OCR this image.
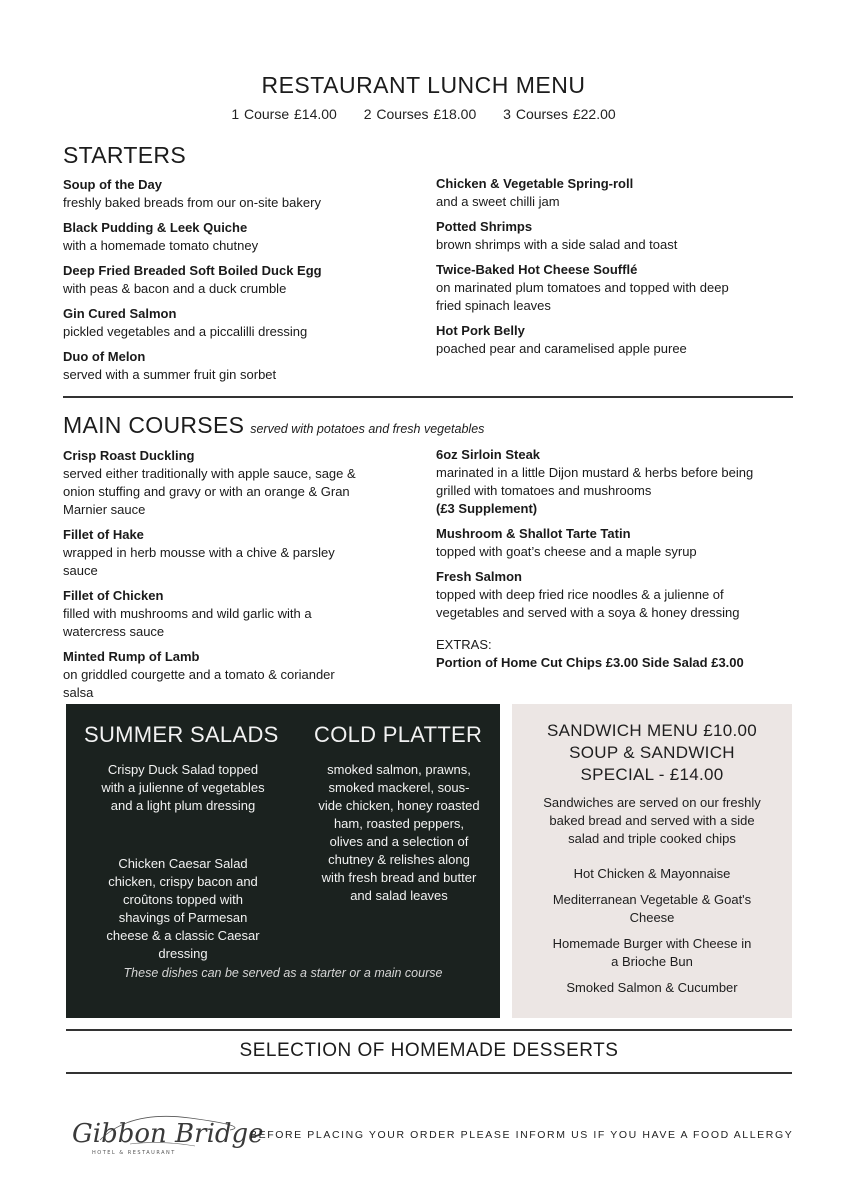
RESTAURANT LUNCH MENU
1 Course £14.00 2 Courses £18.00 3 Courses £22.00
STARTERS
Soup of the Day
freshly baked breads from our on-site bakery
Black Pudding & Leek Quiche
with a homemade tomato chutney
Deep Fried Breaded Soft Boiled Duck Egg
with peas & bacon and a duck crumble
Gin Cured Salmon
pickled vegetables and a piccalilli dressing
Duo of Melon
served with a summer fruit gin sorbet
Chicken & Vegetable Spring-roll
and a sweet chilli jam
Potted Shrimps
brown shrimps with a side salad and toast
Twice-Baked Hot Cheese Soufflé
on marinated plum tomatoes and topped with deep fried spinach leaves
Hot Pork Belly
poached pear and caramelised apple puree
MAIN COURSES served with potatoes and fresh vegetables
Crisp Roast Duckling
served either traditionally with apple sauce, sage & onion stuffing and gravy or with an orange & Gran Marnier sauce
Fillet of Hake
wrapped in herb mousse with a chive & parsley sauce
Fillet of Chicken
filled with mushrooms and wild garlic with a watercress sauce
Minted Rump of Lamb
on griddled courgette and a tomato & coriander salsa
6oz Sirloin Steak
marinated in a little Dijon mustard & herbs before being grilled with tomatoes and mushrooms
(£3 Supplement)
Mushroom & Shallot Tarte Tatin
topped with goat’s cheese and a maple syrup
Fresh Salmon
topped with deep fried rice noodles & a julienne of vegetables and served with a soya & honey dressing
EXTRAS:
Portion of Home Cut Chips £3.00 Side Salad £3.00
SUMMER SALADS COLD PLATTER
Crispy Duck Salad topped with a julienne of vegetables and a light plum dressing
Chicken Caesar Salad chicken, crispy bacon and croûtons topped with shavings of Parmesan cheese & a classic Caesar dressing
smoked salmon, prawns, smoked mackerel, sous-vide chicken, honey roasted ham, roasted peppers, olives and a selection of chutney & relishes along with fresh bread and butter and salad leaves
These dishes can be served as a starter or a main course
SANDWICH MENU £10.00
SOUP & SANDWICH
SPECIAL - £14.00
Sandwiches are served on our freshly baked bread and served with a side salad and triple cooked chips
Hot Chicken & Mayonnaise
Mediterranean Vegetable & Goat's Cheese
Homemade Burger with Cheese in a Brioche Bun
Smoked Salmon & Cucumber
SELECTION OF HOMEMADE DESSERTS
Gibbon Bridge
HOTEL & RESTAURANT
BEFORE PLACING YOUR ORDER PLEASE INFORM US IF YOU HAVE A FOOD ALLERGY
